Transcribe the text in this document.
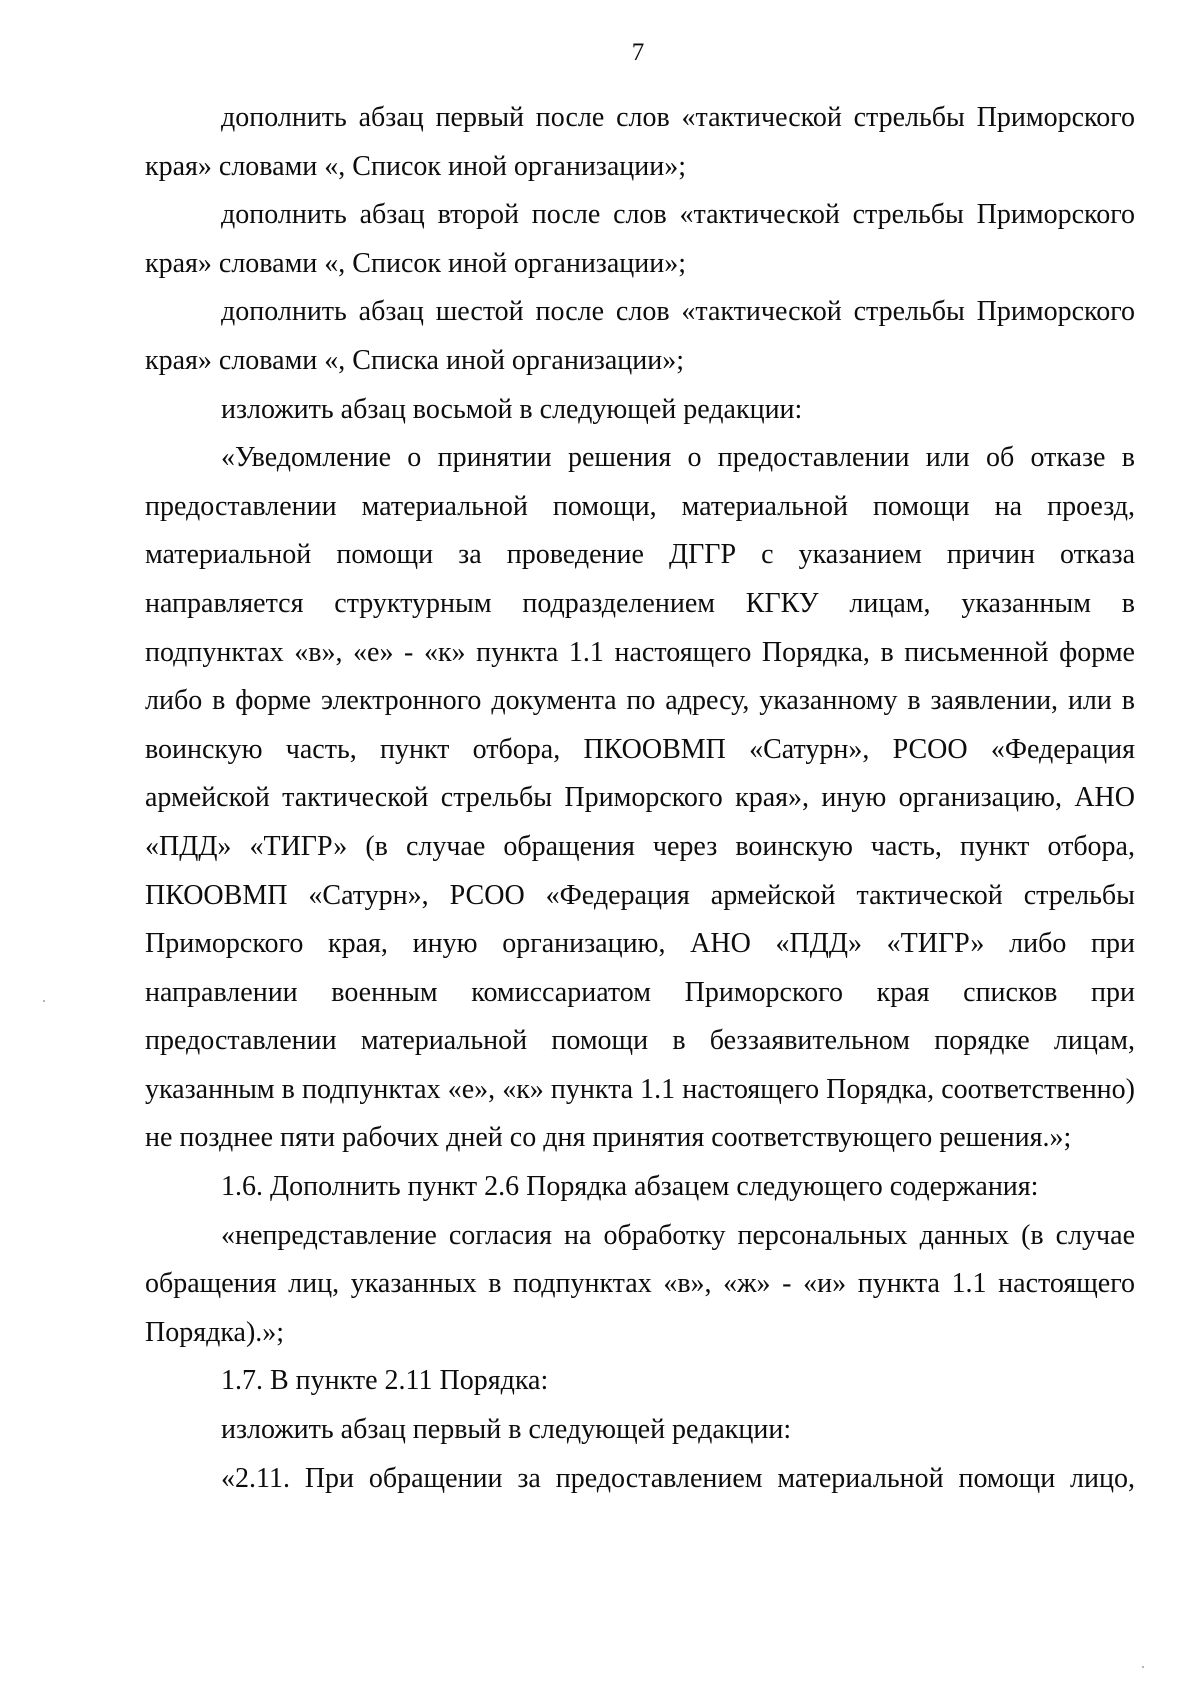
7

дополнить абзац первый после слов «тактической стрельбы Приморского края» словами «, Список иной организации»;

дополнить абзац второй после слов «тактической стрельбы Приморского края» словами «, Список иной организации»;

дополнить абзац шестой после слов «тактической стрельбы Приморского края» словами «, Списка иной организации»;

изложить абзац восьмой в следующей редакции:

«Уведомление о принятии решения о предоставлении или об отказе в предоставлении материальной помощи, материальной помощи на проезд, материальной помощи за проведение ДГГР с указанием причин отказа направляется структурным подразделением КГКУ лицам, указанным в подпунктах «в», «е» - «к» пункта 1.1 настоящего Порядка, в письменной форме либо в форме электронного документа по адресу, указанному в заявлении, или в воинскую часть, пункт отбора, ПКООВМП «Сатурн», РСОО «Федерация армейской тактической стрельбы Приморского края», иную организацию, АНО «ПДД» «ТИГР» (в случае обращения через воинскую часть, пункт отбора, ПКООВМП «Сатурн», РСОО «Федерация армейской тактической стрельбы Приморского края, иную организацию, АНО «ПДД» «ТИГР» либо при направлении военным комиссариатом Приморского края списков при предоставлении материальной помощи в беззаявительном порядке лицам, указанным в подпунктах «е», «к» пункта 1.1 настоящего Порядка, соответственно) не позднее пяти рабочих дней со дня принятия соответствующего решения.»;

1.6. Дополнить пункт 2.6 Порядка абзацем следующего содержания:

«непредставление согласия на обработку персональных данных (в случае обращения лиц, указанных в подпунктах «в», «ж» - «и» пункта 1.1 настоящего Порядка).»;

1.7. В пункте 2.11 Порядка:

изложить абзац первый в следующей редакции:

«2.11. При обращении за предоставлением материальной помощи лицо,
